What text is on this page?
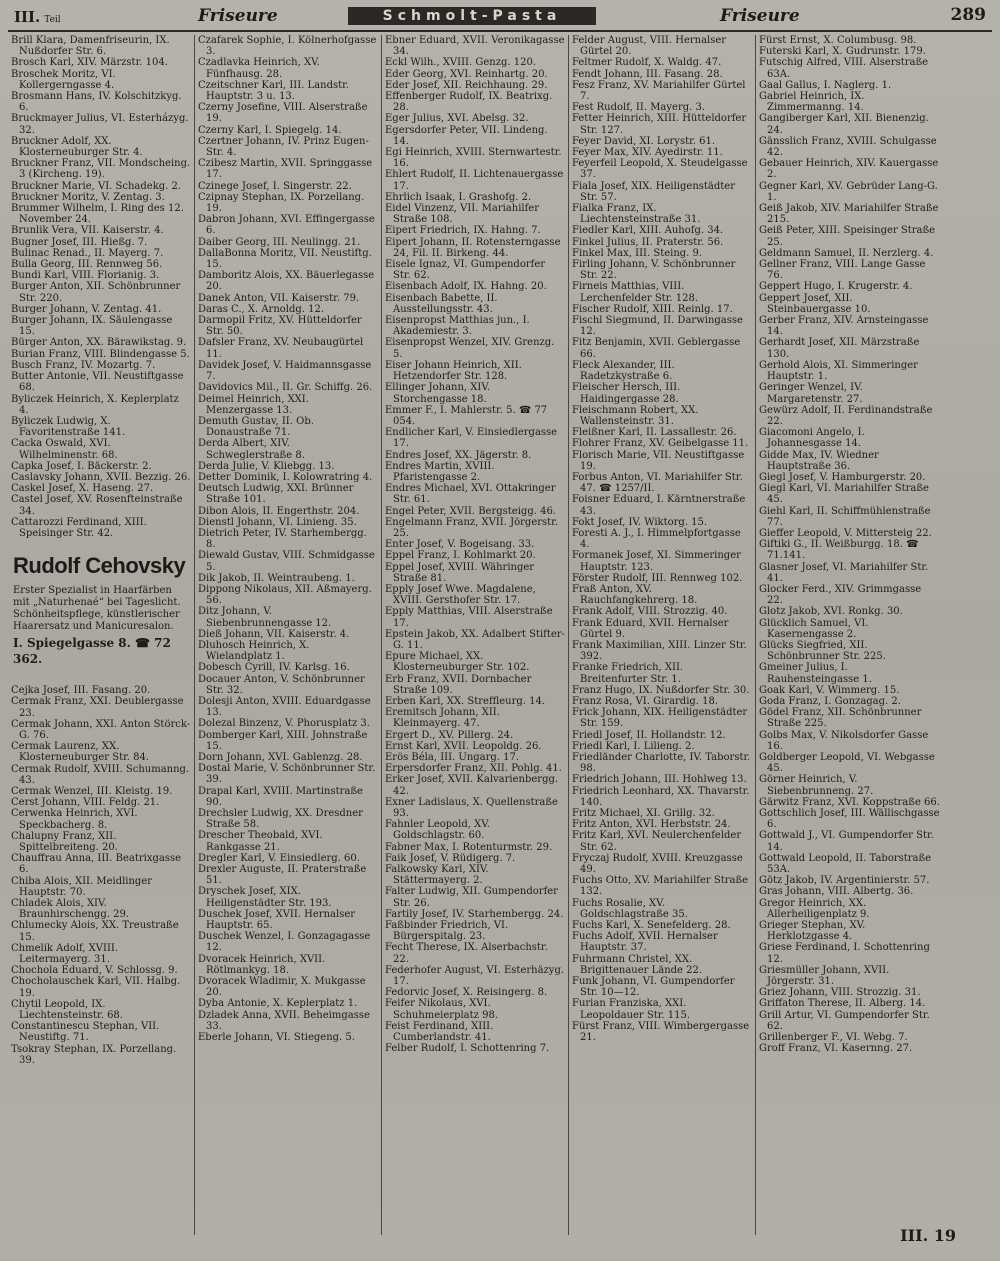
III. Teil	Friseure	Schmolt-Pasta	Friseure	289

Brill Klara, Damenfriseurin, IX. Nußdorfer Str. 6.

Brosch Karl, XIV. Märzstr. 104.

Broschek Moritz, VI. Kollergerngasse 4.

Brosmann Hans, IV. Kolschitzkyg. 6.

Bruckmayer Julius, VI. Esterházyg. 32.

Bruckner Adolf, XX. Klosterneuburger Str. 4.

Bruckner Franz, VII. Mondscheing. 3 (Kircheng. 19).

Bruckner Marie, VI. Schadekg. 2.

Bruckner Moritz, V. Zentag. 3.

Brummer Wilhelm, I. Ring des 12. November 24.

Brunlik Vera, VII. Kaiserstr. 4.

Bugner Josef, III. Hießg. 7.

Bulinac Renad., II. Mayerg. 7.

Bulla Georg, III. Rennweg 56.

Bundi Karl, VIII. Florianig. 3.

Burger Anton, XII. Schönbrunner Str. 220.

Burger Johann, V. Zentag. 41.

Burger Johann, IX. Säulengasse 15.

Bürger Anton, XX. Bärawikstag. 9.

Burian Franz, VIII. Blindengasse 5.

Busch Franz, IV. Mozartg. 7.

Butter Antonie, VII. Neustiftgasse 68.

Byliczek Heinrich, X. Keplerplatz 4.

Byliczek Ludwig, X. Favoritenstraße 141.

Cacka Oswald, XVI. Wilhelminenstr. 68.

Capka Josef, I. Bäckerstr. 2.

Caslavsky Johann, XVII. Bezzig. 26.

Caskel Josef, X. Haseng. 27.

Castel Josef, XV. Rosenfteinstraße 34.

Cattarozzi Ferdinand, XIII. Speisinger Str. 42.

Rudolf Cehovsky
Erster Spezialist in Haarfärben
mit „Naturhenaé“ bei Tageslicht.
Schönheitspflege, künstlerischer
Haarersatz und Manicuresalon.
I. Spiegelgasse 8. ☎ 72 362.

Cejka Josef, III. Fasang. 20.

Cermak Franz, XXI. Deublergasse 23.

Cermak Johann, XXI. Anton Störck-G. 76.

Cermak Laurenz, XX. Klosterneuburger Str. 84.

Cermak Rudolf, XVIII. Schumanng. 43.

Cermak Wenzel, III. Kleistg. 19.

Cerst Johann, VIII. Feldg. 21.

Cerwenka Heinrich, XVI. Speckbacherg. 8.

Chalupny Franz, XII. Spittelbreiteng. 20.

Chauffrau Anna, III. Beatrixgasse 6.

Chiba Alois, XII. Meidlinger Hauptstr. 70.

Chladek Alois, XIV. Braunhirschengg. 29.

Chlumecky Alois, XX. Treustraße 15.

Chmelik Adolf, XVIII. Leitermayerg. 31.

Chochola Eduard, V. Schlossg. 9.

Chocholauschek Karl, VII. Halbg. 19.

Chytil Leopold, IX. Liechtensteinstr. 68.

Constantinescu Stephan, VII. Neustiftg. 71.

Tsokray Stephan, IX. Porzellang. 39.

Czafarek Sophie, I. Kölnerhofgasse 3.

Czadlavka Heinrich, XV. Fünfhausg. 28.

Czeitschner Karl, III. Landstr. Hauptstr. 3 u. 13.

Czerny Josefine, VIII. Alserstraße 19.

Czerny Karl, I. Spiegelg. 14.

Czertner Johann, IV. Prinz Eugen-Str. 4.

Czibesz Martin, XVII. Springgasse 17.

Czinege Josef, I. Singerstr. 22.

Czipnay Stephan, IX. Porzellang. 19.

Dabron Johann, XVI. Effingergasse 6.

Daiber Georg, III. Neulingg. 21.

DallaBonna Moritz, VII. Neustiftg. 15.

Damboritz Alois, XX. Bäuerlegasse 20.

Danek Anton, VII. Kaiserstr. 79.

Daras C., X. Arnoldg. 12.

Darmopil Fritz, XV. Hütteldorfer Str. 50.

Dafsler Franz, XV. Neubaugürtel 11.

Davidek Josef, V. Haidmannsgasse 7.

Davidovics Mil., II. Gr. Schiffg. 26.

Deimel Heinrich, XXI. Menzergasse 13.

Demuth Gustav, II. Ob. Donaustraße 71.

Derda Albert, XIV. Schweglerstraße 8.

Derda Julie, V. Kliebgg. 13.

Detter Dominik, I. Kolowratring 4.

Deutsch Ludwig, XXI. Brünner Straße 101.

Dibon Alois, II. Engerthstr. 204.

Dienstl Johann, VI. Linieng. 35.

Dietrich Peter, IV. Starhembergg. 8.

Diewald Gustav, VIII. Schmidgasse 5.

Dik Jakob, II. Weintraubeng. 1.

Dippong Nikolaus, XII. Aßmayerg. 56.

Ditz Johann, V. Siebenbrunnengasse 12.

Dieß Johann, VII. Kaiserstr. 4.

Dluhosch Heinrich, X. Wielandplatz 1.

Dobesch Cyrill, IV. Karlsg. 16.

Docauer Anton, V. Schönbrunner Str. 32.

Dolesji Anton, XVIII. Eduardgasse 13.

Dolezal Binzenz, V. Phorusplatz 3.

Domberger Karl, XIII. Johnstraße 15.

Dorn Johann, XVI. Gablenzg. 28.

Dostal Marie, V. Schönbrunner Str. 39.

Drapal Karl, XVIII. Martinstraße 90.

Drechsler Ludwig, XX. Dresdner Straße 58.

Drescher Theobald, XVI. Rankgasse 21.

Dregler Karl, V. Einsiedlerg. 60.

Drexler Auguste, II. Praterstraße 51.

Dryschek Josef, XIX. Heiligenstädter Str. 193.

Duschek Josef, XVII. Hernalser Hauptstr. 65.

Duschek Wenzel, I. Gonzagagasse 12.

Dvoracek Heinrich, XVII. Rötlmankyg. 18.

Dvoracek Wladimir, X. Mukgasse 20.

Dyba Antonie, X. Keplerplatz 1.

Dzladek Anna, XVII. Beheimgasse 33.

Eberle Johann, VI. Stiegeng. 5.

Ebner Eduard, XVII. Veronikagasse 34.

Eckl Wilh., XVIII. Genzg. 120.

Eder Georg, XVI. Reinhartg. 20.

Eder Josef, XII. Reichhaung. 29.

Effenberger Rudolf, IX. Beatrixg. 28.

Eger Julius, XVI. Abelsg. 32.

Egersdorfer Peter, VII. Lindeng. 14.

Egi Heinrich, XVIII. Sternwartestr. 16.

Ehlert Rudolf, II. Lichtenauergasse 17.

Ehrlich Isaak, I. Grashofg. 2.

Eidel Vinzenz, VII. Mariahilfer Straße 108.

Eipert Friedrich, IX. Hahng. 7.

Eipert Johann, II. Rotensterngasse 24, Fil. II. Birkeng. 44.

Eisele Ignaz, VI. Gumpendorfer Str. 62.

Eisenbach Adolf, IX. Hahng. 20.

Eisenbach Babette, II. Ausstellungsstr. 43.

Eisenpropst Matthias jun., I. Akademiestr. 3.

Eisenpropst Wenzel, XIV. Grenzg. 5.

Eiser Johann Heinrich, XII. Hetzendorfer Str. 128.

Ellinger Johann, XIV. Storchengasse 18.

Emmer F., I. Mahlerstr. 5. ☎ 77 054.

Endlicher Karl, V. Einsiedlergasse 17.

Endres Josef, XX. Jägerstr. 8.

Endres Martin, XVIII. Pfaristengasse 2.

Endres Michael, XVI. Ottakringer Str. 61.

Engel Peter, XVII. Bergsteigg. 46.

Engelmann Franz, XVII. Jörgerstr. 25.

Enter Josef, V. Bogeisang. 33.

Eppel Franz, I. Kohlmarkt 20.

Eppel Josef, XVIII. Währinger Straße 81.

Epply Josef Wwe. Magdalene, XVIII. Gersthofer Str. 17.

Epply Matthias, VIII. Alserstraße 17.

Epstein Jakob, XX. Adalbert Stifter-G. 11.

Epure Michael, XX. Klosterneuburger Str. 102.

Erb Franz, XVII. Dornbacher Straße 109.

Erben Karl, XX. Streffleurg. 14.

Eremitsch Johann, XII. Kleinmayerg. 47.

Ergert D., XV. Pillerg. 24.

Ernst Karl, XVII. Leopoldg. 26.

Erös Béla, III. Ungarg. 17.

Erpersdorfer Franz, XII. Pohlg. 41.

Erker Josef, XVII. Kalvarienbergg. 42.

Exner Ladislaus, X. Quellenstraße 93.

Fahnler Leopold, XV. Goldschlagstr. 60.

Fabner Max, I. Rotenturmstr. 29.

Faik Josef, V. Rüdigerg. 7.

Falkowsky Karl, XIV. Stättermayerg. 2.

Falter Ludwig, XII. Gumpendorfer Str. 26.

Fartily Josef, IV. Starhembergg. 24.

Faßbinder Friedrich, VI. Bürgerspitalg. 23.

Fecht Therese, IX. Alserbachstr. 22.

Federhofer August, VI. Esterhäzyg. 17.

Fedorvic Josef, X. Reisingerg. 8.

Feifer Nikolaus, XVI. Schuhmeierplatz 98.

Feist Ferdinand, XIII. Cumberlandstr. 41.

Felber Rudolf, I. Schottenring 7.

Felder August, VIII. Hernalser Gürtel 20.

Feltmer Rudolf, X. Waldg. 47.

Fendt Johann, III. Fasang. 28.

Fesz Franz, XV. Mariahilfer Gürtel 7.

Fest Rudolf, II. Mayerg. 3.

Fetter Heinrich, XIII. Hütteldorfer Str. 127.

Feyer David, XI. Lorystr. 61.

Feyer Max, XIV. Ayedirstr. 11.

Feyerfeil Leopold, X. Steudelgasse 37.

Fiala Josef, XIX. Heiligenstädter Str. 57.

Fialka Franz, IX. Liechtensteinstraße 31.

Fiedler Karl, XIII. Auhofg. 34.

Finkel Julius, II. Praterstr. 56.

Finkel Max, III. Steing. 9.

Firling Johann, V. Schönbrunner Str. 22.

Firneis Matthias, VIII. Lerchenfelder Str. 128.

Fischer Rudolf, XIII. Reinlg. 17.

Fischl Siegmund, II. Darwingasse 12.

Fitz Benjamin, XVII. Geblergasse 66.

Fleck Alexander, III. Radetzkystraße 6.

Fleischer Hersch, III. Haidingergasse 28.

Fleischmann Robert, XX. Wallensteinstr. 31.

Fleißner Karl, II. Lassallestr. 26.

Flohrer Franz, XV. Geibelgasse 11.

Florisch Marie, VII. Neustiftgasse 19.

Forbus Anton, VI. Mariahilfer Str. 47. ☎ 1257/II.

Foisner Eduard, I. Kärntnerstraße 43.

Fokt Josef, IV. Wiktorg. 15.

Foresti A. J., I. Himmelpfortgasse 4.

Formanek Josef, XI. Simmeringer Hauptstr. 123.

Förster Rudolf, III. Rennweg 102.

Fraß Anton, XV. Rauchfangkehrerg. 18.

Frank Adolf, VIII. Strozzig. 40.

Frank Eduard, XVII. Hernalser Gürtel 9.

Frank Maximilian, XIII. Linzer Str. 392.

Franke Friedrich, XII. Breitenfurter Str. 1.

Franz Hugo, IX. Nußdorfer Str. 30.

Franz Rosa, VI. Girardig. 18.

Frick Johann, XIX. Heiligenstädter Str. 159.

Friedl Josef, II. Hollandstr. 12.

Friedl Karl, I. Lilieng. 2.

Friedländer Charlotte, IV. Taborstr. 98.

Friedrich Johann, III. Hohlweg 13.

Friedrich Leonhard, XX. Thavarstr. 140.

Fritz Michael, XI. Grillg. 32.

Fritz Anton, XVI. Herbststr. 24.

Fritz Karl, XVI. Neulerchenfelder Str. 62.

Fryczaj Rudolf, XVIII. Kreuzgasse 49.

Fuchs Otto, XV. Mariahilfer Straße 132.

Fuchs Rosalie, XV. Goldschlagstraße 35.

Fuchs Karl, X. Senefelderg. 28.

Fuchs Adolf, XVII. Hernalser Hauptstr. 37.

Fuhrmann Christel, XX. Brigittenauer Lände 22.

Funk Johann, VI. Gumpendorfer Str. 10—12.

Furian Franziska, XXI. Leopoldauer Str. 115.

Fürst Franz, VIII. Wimbergergasse 21.

Fürst Ernst, X. Columbusg. 98.

Futerski Karl, X. Gudrunstr. 179.

Futschig Alfred, VIII. Alserstraße 63A.

Gaal Gallus, I. Naglerg. 1.

Gabriel Heinrich, IX. Zimmermanng. 14.

Gangiberger Karl, XII. Bienenzig. 24.

Gänsslich Franz, XVIII. Schulgasse 42.

Gebauer Heinrich, XIV. Kauergasse 2.

Gegner Karl, XV. Gebrüder Lang-G. 1.

Geiß Jakob, XIV. Mariahilfer Straße 215.

Geiß Peter, XIII. Speisinger Straße 25.

Geldmann Samuel, II. Nerzlerg. 4.

Gellner Franz, VIII. Lange Gasse 76.

Geppert Hugo, I. Krugerstr. 4.

Geppert Josef, XII. Steinbauergasse 10.

Gerber Franz, XIV. Arnsteingasse 14.

Gerhardt Josef, XII. Märzstraße 130.

Gerhold Alois, XI. Simmeringer Hauptstr. 1.

Geringer Wenzel, IV. Margaretenstr. 27.

Gewürz Adolf, II. Ferdinandstraße 22.

Giacomoni Angelo, I. Johannesgasse 14.

Gidde Max, IV. Wiedner Hauptstraße 36.

Giegl Josef, V. Hamburgerstr. 20.

Giegl Karl, VI. Mariahilfer Straße 45.

Giehl Karl, II. Schiffmühlenstraße 77.

Gieffer Leopold, V. Mittersteig 22.

Giftiki G., II. Weißburgg. 18. ☎ 71.141.

Glasner Josef, VI. Mariahilfer Str. 41.

Glocker Ferd., XIV. Grimmgasse 22.

Glotz Jakob, XVI. Ronkg. 30.

Glücklich Samuel, VI. Kasernengasse 2.

Glücks Siegfried, XII. Schönbrunner Str. 225.

Gmeiner Julius, I. Rauhensteingasse 1.

Goak Karl, V. Wimmerg. 15.

Goda Franz, I. Gonzagag. 2.

Gödel Franz, XII. Schönbrunner Straße 225.

Golbs Max, V. Nikolsdorfer Gasse 16.

Goldberger Leopold, VI. Webgasse 45.

Görner Heinrich, V. Siebenbrunneng. 27.

Gärwitz Franz, XVI. Koppstraße 66.

Gottschlich Josef, III. Wällischgasse 6.

Gottwald J., VI. Gumpendorfer Str. 14.

Gottwald Leopold, II. Taborstraße 53A.

Götz Jakob, IV. Argentinierstr. 57.

Gras Johann, VIII. Albertg. 36.

Gregor Heinrich, XX. Allerheiligenplatz 9.

Grieger Stephan, XV. Herklotzgasse 4.

Griese Ferdinand, I. Schottenring 12.

Griesmüller Johann, XVII. Jörgerstr. 31.

Griez Johann, VIII. Strozzig. 31.

Griffaton Therese, II. Alberg. 14.

Grill Artur, VI. Gumpendorfer Str. 62.

Grillenberger F., VI. Webg. 7.

Groff Franz, VI. Kasernng. 27.

III. 19
